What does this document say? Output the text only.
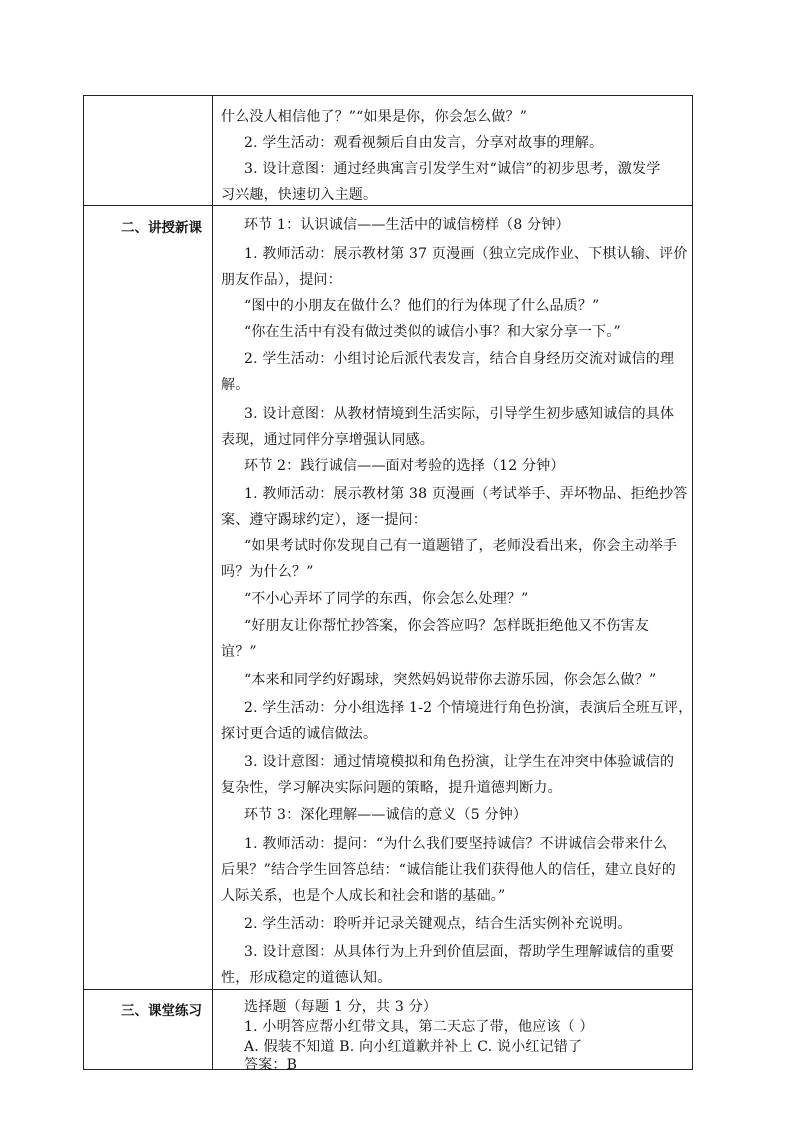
二、讲授新课
三、课堂练习
什么没人相信他了？”“如果是你，你会怎么做？”
2. 学生活动：观看视频后自由发言，分享对故事的理解。
3. 设计意图：通过经典寓言引发学生对“诚信”的初步思考，激发学
习兴趣，快速切入主题。
环节 1：认识诚信——生活中的诚信榜样（8 分钟）
1. 教师活动：展示教材第 37 页漫画（独立完成作业、下棋认输、评价
朋友作品），提问：
“图中的小朋友在做什么？他们的行为体现了什么品质？”
“你在生活中有没有做过类似的诚信小事？和大家分享一下。”
2. 学生活动：小组讨论后派代表发言，结合自身经历交流对诚信的理
解。
3. 设计意图：从教材情境到生活实际，引导学生初步感知诚信的具体
表现，通过同伴分享增强认同感。
环节 2：践行诚信——面对考验的选择（12 分钟）
1. 教师活动：展示教材第 38 页漫画（考试举手、弄坏物品、拒绝抄答
案、遵守踢球约定），逐一提问：
“如果考试时你发现自己有一道题错了，老师没看出来，你会主动举手
吗？为什么？”
“不小心弄坏了同学的东西，你会怎么处理？”
“好朋友让你帮忙抄答案，你会答应吗？怎样既拒绝他又不伤害友
谊？”
“本来和同学约好踢球，突然妈妈说带你去游乐园，你会怎么做？”
2. 学生活动：分小组选择 1-2 个情境进行角色扮演，表演后全班互评，
探讨更合适的诚信做法。
3. 设计意图：通过情境模拟和角色扮演，让学生在冲突中体验诚信的
复杂性，学习解决实际问题的策略，提升道德判断力。
环节 3：深化理解——诚信的意义（5 分钟）
1. 教师活动：提问：“为什么我们要坚持诚信？不讲诚信会带来什么
后果？”结合学生回答总结：“诚信能让我们获得他人的信任，建立良好的
人际关系，也是个人成长和社会和谐的基础。”
2. 学生活动：聆听并记录关键观点，结合生活实例补充说明。
3. 设计意图：从具体行为上升到价值层面，帮助学生理解诚信的重要
性，形成稳定的道德认知。
选择题（每题 1 分，共 3 分）
1. 小明答应帮小红带文具，第二天忘了带，他应该（ ）
A. 假装不知道 B. 向小红道歉并补上 C. 说小红记错了
答案：B
